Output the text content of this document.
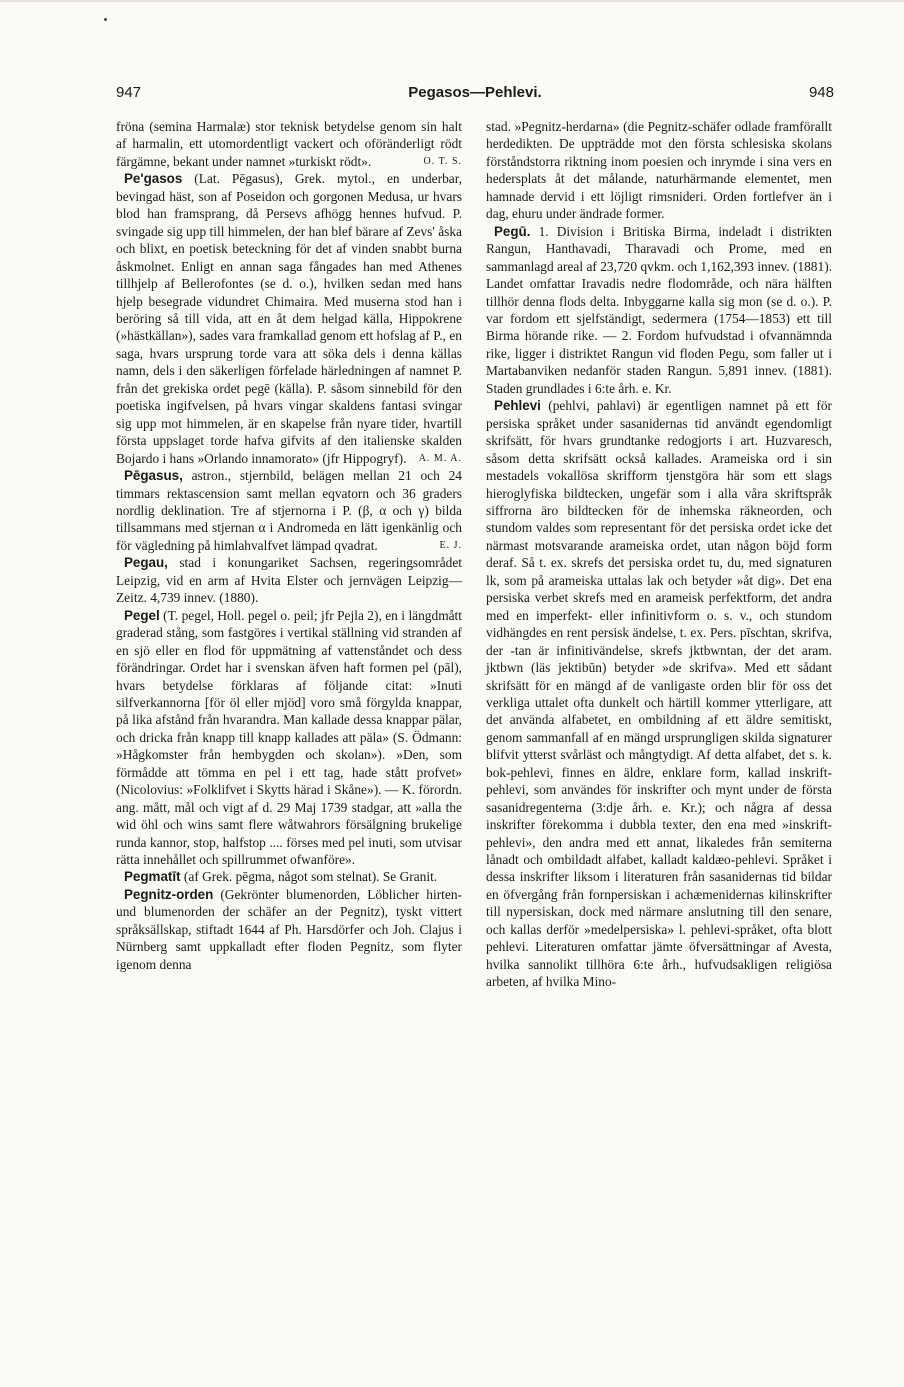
947	Pegasos—Pehlevi.	948

fröna (semina Harmalæ) stor teknisk betydelse genom sin halt af harmalin, ett utomordentligt vackert och oföränderligt rödt färgämne, bekant under namnet »turkiskt rödt».	O. T. S.

Pe'gasos (Lat. Pēgasus), Grek. mytol., en underbar, bevingad häst, son af Poseidon och gorgonen Medusa, ur hvars blod han framsprang, då Persevs afhögg hennes hufvud. P. svingade sig upp till himmelen, der han blef bärare af Zevs' åska och blixt, en poetisk beteckning för det af vinden snabbt burna åskmolnet. Enligt en annan saga fångades han med Athenes tillhjelp af Bellerofontes (se d. o.), hvilken sedan med hans hjelp besegrade vidundret Chimaira. Med muserna stod han i beröring så till vida, att en åt dem helgad källa, Hippokrene (»hästkällan»), sades vara framkallad genom ett hofslag af P., en saga, hvars ursprung torde vara att söka dels i denna källas namn, dels i den säkerligen förfelade härledningen af namnet P. från det grekiska ordet pegē (källa). P. såsom sinnebild för den poetiska ingifvelsen, på hvars vingar skaldens fantasi svingar sig upp mot himmelen, är en skapelse från nyare tider, hvartill första uppslaget torde hafva gifvits af den italienske skalden Bojardo i hans »Orlando innamorato» (jfr Hippogryf).	A. M. A.

Pēgasus, astron., stjernbild, belägen mellan 21 och 24 timmars rektascension samt mellan eqvatorn och 36 graders nordlig deklination. Tre af stjernorna i P. (β, α och γ) bilda tillsammans med stjernan α i Andromeda en lätt igenkänlig och för vägledning på himlahvalfvet lämpad qvadrat.	E. J.

Pegau, stad i konungariket Sachsen, regeringsområdet Leipzig, vid en arm af Hvita Elster och jernvägen Leipzig—Zeitz. 4,739 innev. (1880).

Pegel (T. pegel, Holl. pegel o. peil; jfr Pejla 2), en i längdmått graderad stång, som fastgöres i vertikal ställning vid stranden af en sjö eller en flod för uppmätning af vattenståndet och dess förändringar. Ordet har i svenskan äfven haft formen pel (pāl), hvars betydelse förklaras af följande citat: »Inuti silfverkannorna [för öl eller mjöd] voro små förgylda knappar, på lika afstånd från hvarandra. Man kallade dessa knappar pälar, och dricka från knapp till knapp kallades att päla» (S. Ödmann: »Hågkomster från hembygden och skolan»). »Den, som förmådde att tömma en pel i ett tag, hade stått profvet» (Nicolovius: »Folklifvet i Skytts härad i Skåne»). — K. förordn. ang. mått, mål och vigt af d. 29 Maj 1739 stadgar, att »alla the wid öhl och wins samt flere wåtwahrors försälgning brukelige runda kannor, stop, halfstop .... förses med pel inuti, som utvisar rätta innehållet och spillrummet ofwanföre».

Pegmatīt (af Grek. pēgma, något som stelnat). Se Granit.

Pegnitz-orden (Gekrönter blumenorden, Löblicher hirten- und blumenorden der schäfer an der Pegnitz), tyskt vittert språksällskap, stiftadt 1644 af Ph. Harsdörfer och Joh. Clajus i Nürnberg samt uppkalladt efter floden Pegnitz, som flyter igenom denna

stad. »Pegnitz-herdarna» (die Pegnitz-schäfer odlade framförallt herdedikten. De uppträdde mot den första schlesiska skolans förståndstorra riktning inom poesien och inrymde i sina vers en hedersplats åt det målande, naturhärmande elementet, men hamnade dervid i ett löjligt rimsnideri. Orden fortlefver än i dag, ehuru under ändrade former.

Pegū. 1. Division i Britiska Birma, indeladt i distrikten Rangun, Hanthavadi, Tharavadi och Prome, med en sammanlagd areal af 23,720 qvkm. och 1,162,393 innev. (1881). Landet omfattar Iravadis nedre flodområde, och nära hälften tillhör denna flods delta. Inbyggarne kalla sig mon (se d. o.). P. var fordom ett sjelfständigt, sedermera (1754—1853) ett till Birma hörande rike. — 2. Fordom hufvudstad i ofvannämnda rike, ligger i distriktet Rangun vid floden Pegu, som faller ut i Martabanviken nedanför staden Rangun. 5,891 innev. (1881). Staden grundlades i 6:te årh. e. Kr.

Pehlevi (pehlvi, pahlavi) är egentligen namnet på ett för persiska språket under sasanidernas tid användt egendomligt skrifsätt, för hvars grundtanke redogjorts i art. Huzvaresch, såsom detta skrifsätt också kallades. Arameiska ord i sin mestadels vokallösa skrifform tjenstgöra här som ett slags hieroglyfiska bildtecken, ungefär som i alla våra skriftspråk siffrorna äro bildtecken för de inhemska räkneorden, och stundom valdes som representant för det persiska ordet icke det närmast motsvarande arameiska ordet, utan någon böjd form deraf. Så t. ex. skrefs det persiska ordet tu, du, med signaturen lk, som på arameiska uttalas lak och betyder »åt dig». Det ena persiska verbet skrefs med en arameisk perfektform, det andra med en imperfekt- eller infinitivform o. s. v., och stundom vidhängdes en rent persisk ändelse, t. ex. Pers. pīschtan, skrifva, der -tan är infinitivändelse, skrefs jktbwntan, der det aram. jktbwn (läs jektibūn) betyder »de skrifva». Med ett sådant skrifsätt för en mängd af de vanligaste orden blir för oss det verkliga uttalet ofta dunkelt och härtill kommer ytterligare, att det använda alfabetet, en ombildning af ett äldre semitiskt, genom sammanfall af en mängd ursprungligen skilda signaturer blifvit ytterst svårläst och mångtydigt. Af detta alfabet, det s. k. bok-pehlevi, finnes en äldre, enklare form, kallad inskrift-pehlevi, som användes för inskrifter och mynt under de första sasanidregenterna (3:dje årh. e. Kr.); och några af dessa inskrifter förekomma i dubbla texter, den ena med »inskrift-pehlevi», den andra med ett annat, likaledes från semiterna lånadt och ombildadt alfabet, kalladt kaldæo-pehlevi. Språket i dessa inskrifter liksom i literaturen från sasanidernas tid bildar en öfvergång från fornpersiskan i achæmenidernas kilinskrifter till nypersiskan, dock med närmare anslutning till den senare, och kallas derför »medelpersiska» l. pehlevi-språket, ofta blott pehlevi. Literaturen omfattar jämte öfversättningar af Avesta, hvilka sannolikt tillhöra 6:te årh., hufvudsakligen religiösa arbeten, af hvilka Mino-
